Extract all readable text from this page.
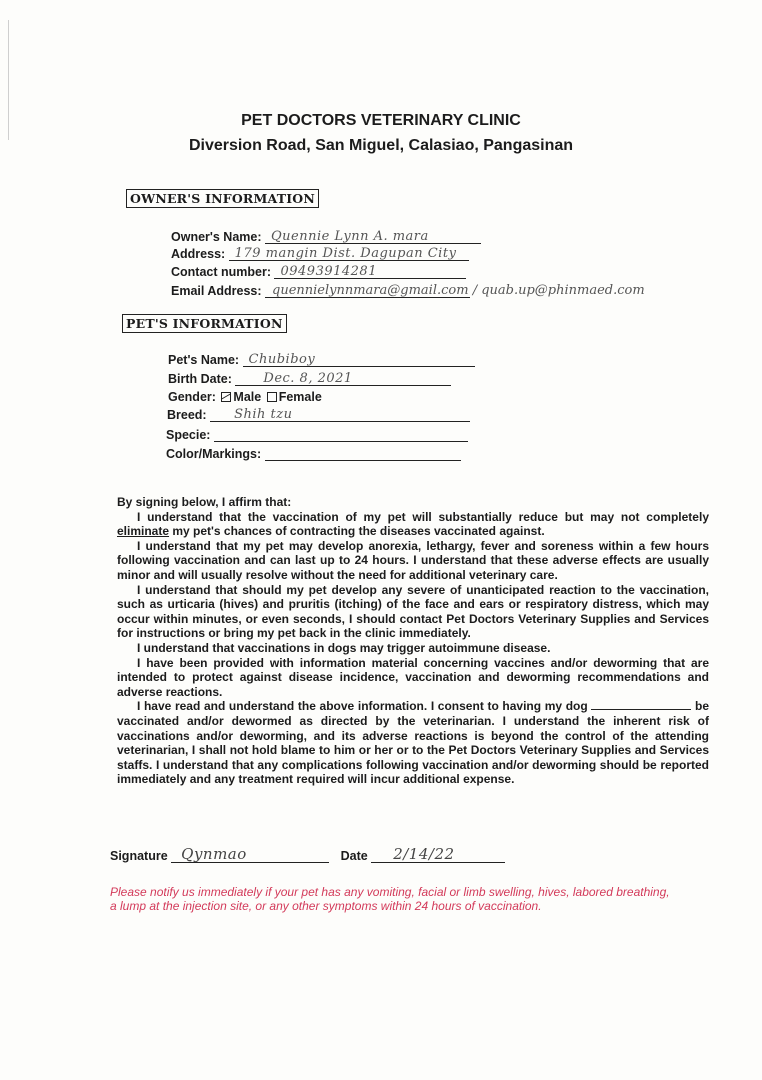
PET DOCTORS VETERINARY CLINIC
Diversion Road, San Miguel, Calasiao, Pangasinan
OWNER'S INFORMATION
Owner's Name: Quennie Lynn A. mara
Address: 179 mangin Dist. Dagupan City
Contact number: 09493914281
Email Address: quennielynnmara@gmail.com / quab.up@phinmaed.com
PET'S INFORMATION
Pet's Name: Chubiboy
Birth Date: Dec. 8, 2021
Gender: Male Female
Breed: Shih tzu
Specie:
Color/Markings:

By signing below, I affirm that:

I understand that the vaccination of my pet will substantially reduce but may not completely eliminate my pet's chances of contracting the diseases vaccinated against.

I understand that my pet may develop anorexia, lethargy, fever and soreness within a few hours following vaccination and can last up to 24 hours. I understand that these adverse effects are usually minor and will usually resolve without the need for additional veterinary care.

I understand that should my pet develop any severe of unanticipated reaction to the vaccination, such as urticaria (hives) and pruritis (itching) of the face and ears or respiratory distress, which may occur within minutes, or even seconds, I should contact Pet Doctors Veterinary Supplies and Services for instructions or bring my pet back in the clinic immediately.

I understand that vaccinations in dogs may trigger autoimmune disease.

I have been provided with information material concerning vaccines and/or deworming that are intended to protect against disease incidence, vaccination and deworming recommendations and adverse reactions.

I have read and understand the above information. I consent to having my dog	be vaccinated and/or dewormed as directed by the veterinarian. I understand the inherent risk of vaccinations and/or deworming, and its adverse reactions is beyond the control of the attending veterinarian, I shall not hold blame to him or her or to the Pet Doctors Veterinary Supplies and Services staffs. I understand that any complications following vaccination and/or deworming should be reported immediately and any treatment required will incur additional expense.

Signature Qynmao	Date 2/14/22
Please notify us immediately if your pet has any vomiting, facial or limb swelling, hives, labored breathing, a lump at the injection site, or any other symptoms within 24 hours of vaccination.
